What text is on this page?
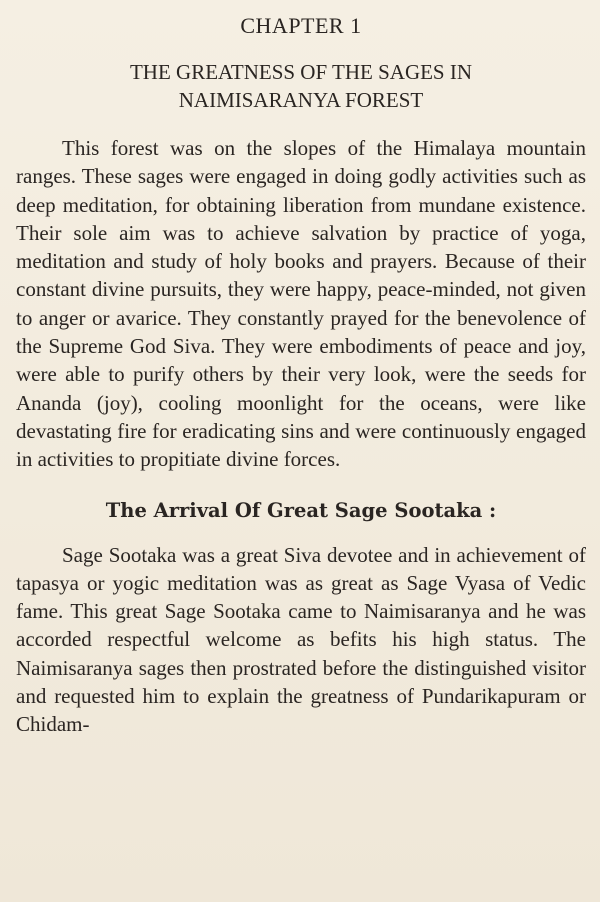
CHAPTER 1
THE GREATNESS OF THE SAGES IN
NAIMISARANYA FOREST

This forest was on the slopes of the Himalaya mountain ranges. These sages were engaged in doing godly activities such as deep meditation, for obtaining liberation from mundane existence. Their sole aim was to achieve salvation by practice of yoga, meditation and study of holy books and prayers. Because of their constant divine pursuits, they were happy, peace-minded, not given to anger or avarice. They constantly prayed for the benevolence of the Supreme God Siva. They were embodiments of peace and joy, were able to purify others by their very look, were the seeds for Ananda (joy), cooling moonlight for the oceans, were like devastating fire for eradicating sins and were continuously engaged in activities to propitiate divine forces.

The Arrival Of Great Sage Sootaka :

Sage Sootaka was a great Siva devotee and in achievement of tapasya or yogic meditation was as great as Sage Vyasa of Vedic fame. This great Sage Sootaka came to Naimisaranya and he was accorded respectful welcome as befits his high status. The Naimisaranya sages then prostrated before the distinguished visitor and requested him to explain the greatness of Pundarikapuram or Chidam-
